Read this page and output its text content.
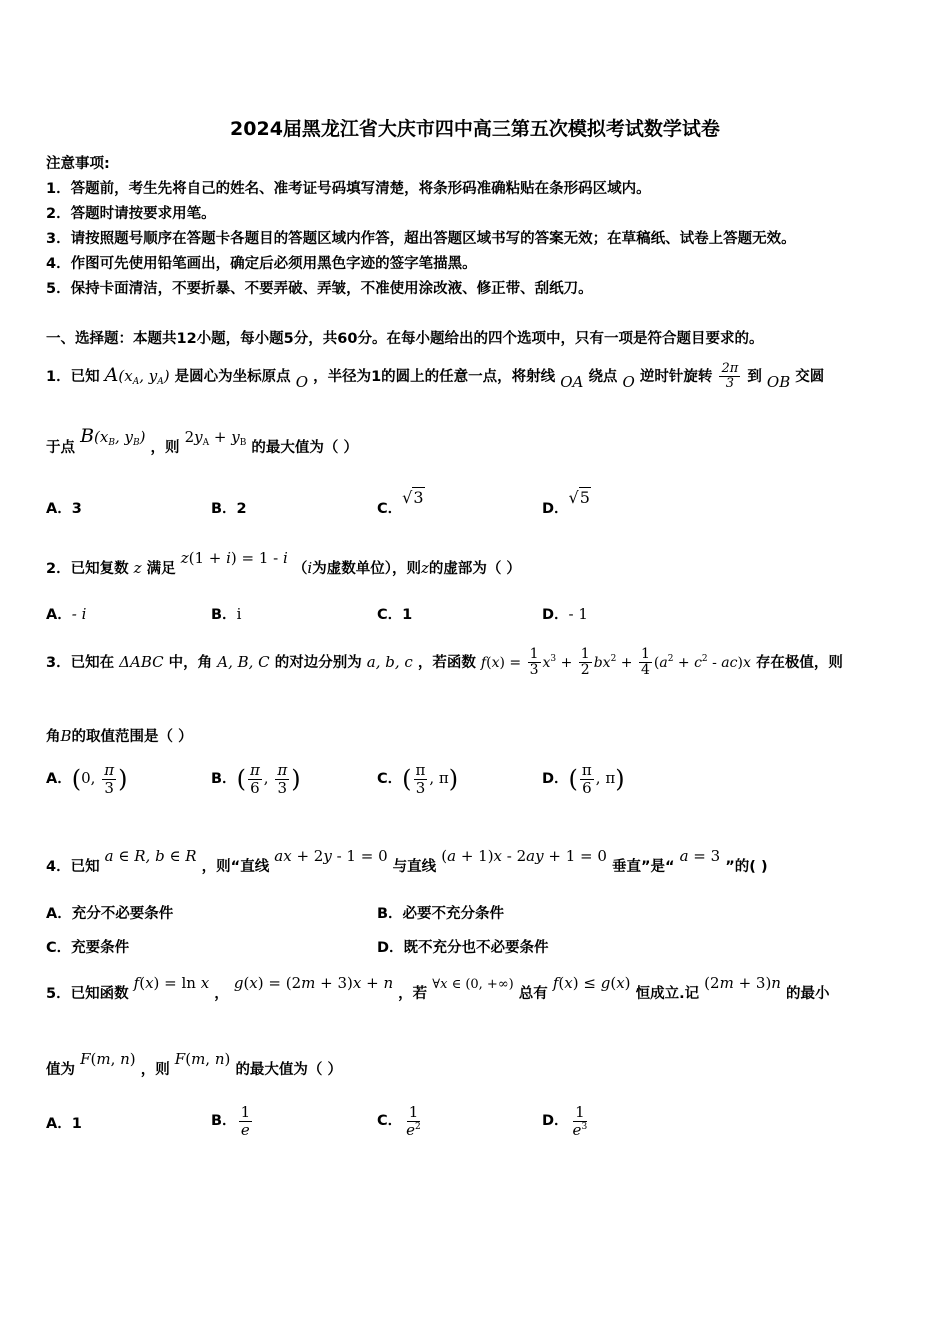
2024届黑龙江省大庆市四中高三第五次模拟考试数学试卷
注意事项:
1．答题前，考生先将自己的姓名、准考证号码填写清楚，将条形码准确粘贴在条形码区域内。
2．答题时请按要求用笔。
3．请按照题号顺序在答题卡各题目的答题区域内作答，超出答题区域书写的答案无效；在草稿纸、试卷上答题无效。
4．作图可先使用铅笔画出，确定后必须用黑色字迹的签字笔描黑。
5．保持卡面清洁，不要折暴、不要弄破、弄皱，不准使用涂改液、修正带、刮纸刀。
一、选择题：本题共12小题，每小题5分，共60分。在每小题给出的四个选项中，只有一项是符合题目要求的。
1．已知 $A(x_A$, $y_A$) 是圆心为坐标原点 O ，半径为1的圆上的任意一点，将射线 OA 绕点 O 逆时针旋转 $\frac{2\pi}{3}$ 到 OB 交圆
于点 $B(x_B$, $y_B$) ，则 $2y_A + y_B$ 的最大值为（ ）
A．3	B．2	C．√3
D．√5
2．已知复数 z 满足 z(1 + i) = 1 - i （i为虚数单位），则z的虚部为（ ）
A．- i	B．i	C．1	D．- 1
3．已知在 ΔABC 中，角 A, B, C 的对边分别为 a, b, c ，若函数 $f(x) = \frac{1}{3} x^3 + \frac{1}{2} bx^2 + \frac{1}{4} (a^2 + c^2 - ac)x$ 存在极值，则
角B的取值范围是（ ）
A．(0, $\frac{\pi}{3}$ )	B．( $\frac{\pi}{6}$ , $\frac{\pi}{3}$ )	C．( $\frac{\pi}{3}$ , π)	D．( $\frac{\pi}{6}$ , π)
4．已知 a ∈ R, b ∈ R ，则“直线 ax + 2y - 1 = 0 与直线 (a + 1)x - 2ay + 1 = 0 垂直”是“ a = 3 ”的( )
A．充分不必要条件	B．必要不充分条件
C．充要条件	D．既不充分也不必要条件
5．已知函数 f(x) = ln x ， g(x) = (2m + 3)x + n ，若 ∀x ∈ (0, +∞) 总有 f(x) ≤ g(x) 恒成立.记 (2m + 3)n 的最小
值为 F(m, n) ，则 F(m, n) 的最大值为（ ）
A．1	B． $\frac{1}{e}$	C． $\frac{1}{e^2}$	D． $\frac{1}{e^3}$
